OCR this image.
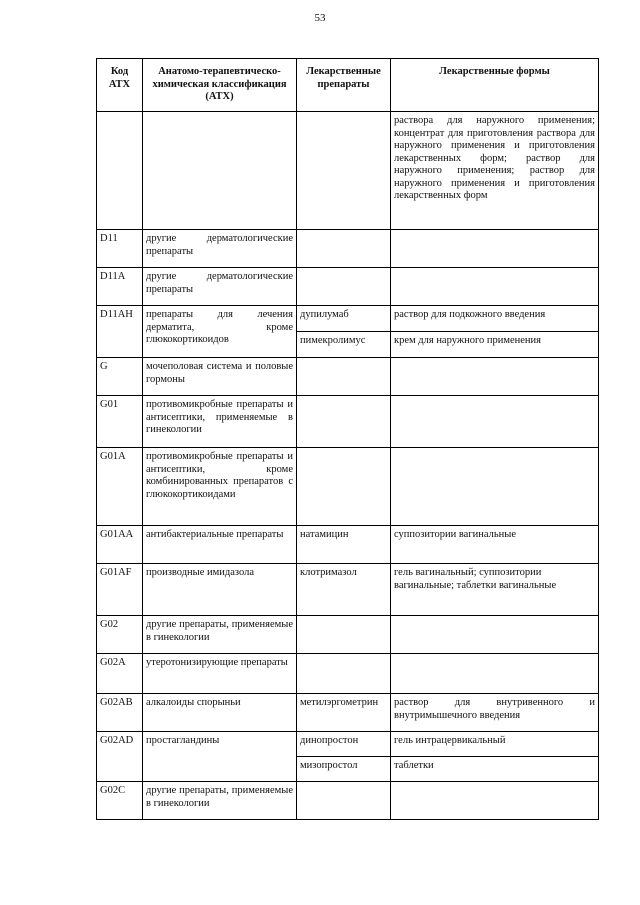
53
Код АТХ	Анатомо-терапевтическо-химическая классификация (АТХ)	Лекарственные препараты	Лекарственные формы
			раствора для наружного применения; концентрат для приготовления раствора для наружного применения и приготовления лекарственных форм; раствор для наружного применения; раствор для наружного применения и приготовления лекарственных форм
D11	другие дерматологические препараты		
D11A	другие дерматологические препараты		
D11AH	препараты для лечения дерматита, кроме глюкокортикоидов	дупилумаб	раствор для подкожного введения
		пимекролимус	крем для наружного применения
G	мочеполовая система и половые гормоны		
G01	противомикробные препараты и антисептики, применяемые в гинекологии		
G01A	противомикробные препараты и антисептики, кроме комбинированных препаратов с глюкокортикоидами		
G01AA	антибактериальные препараты	натамицин	суппозитории вагинальные
G01AF	производные имидазола	клотримазол	гель вагинальный; суппозитории вагинальные; таблетки вагинальные
G02	другие препараты, применяемые в гинекологии		
G02A	утеротонизирующие препараты		
G02AB	алкалоиды спорыньи	метилэргометрин	раствор для внутривенного и внутримышечного введения
G02AD	простагландины	динопростон	гель интрацервикальный
		мизопростол	таблетки
G02C	другие препараты, применяемые в гинекологии		
